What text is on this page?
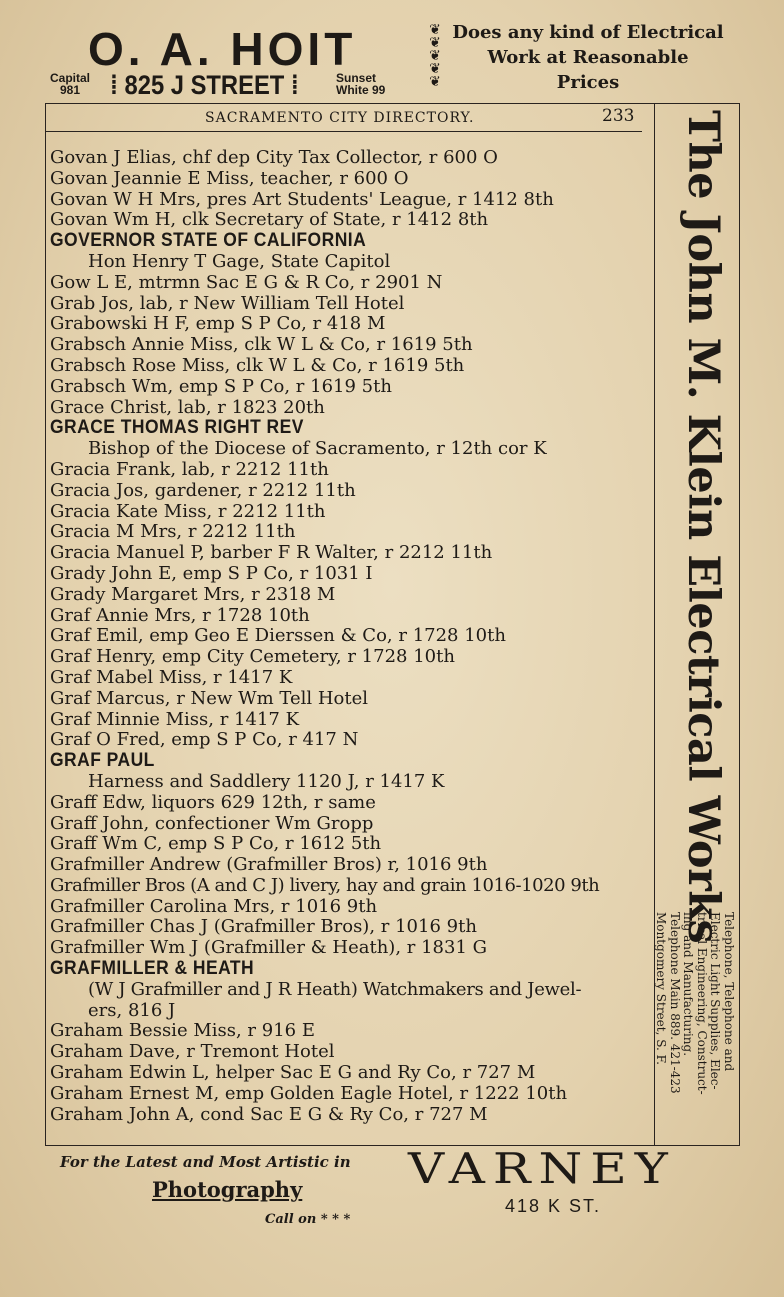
O. A. HOIT
Capital
981	⁞ 825 J STREET ⁞	Sunset
White 99
❦
❦
❦
❦
❦
Does any kind of Electrical
Work at Reasonable
Prices
SACRAMENTO CITY DIRECTORY.	233
Govan J Elias, chf dep City Tax Collector, r 600 O
Govan Jeannie E Miss, teacher, r 600 O
Govan W H Mrs, pres Art Students' League, r 1412 8th
Govan Wm H, clk Secretary of State, r 1412 8th
GOVERNOR STATE OF CALIFORNIA
Hon Henry T Gage, State Capitol
Gow L E, mtrmn Sac E G & R Co, r 2901 N
Grab Jos, lab, r New William Tell Hotel
Grabowski H F, emp S P Co, r 418 M
Grabsch Annie Miss, clk W L & Co, r 1619 5th
Grabsch Rose Miss, clk W L & Co, r 1619 5th
Grabsch Wm, emp S P Co, r 1619 5th
Grace Christ, lab, r 1823 20th
GRACE THOMAS RIGHT REV
Bishop of the Diocese of Sacramento, r 12th cor K
Gracia Frank, lab, r 2212 11th
Gracia Jos, gardener, r 2212 11th
Gracia Kate Miss, r 2212 11th
Gracia M Mrs, r 2212 11th
Gracia Manuel P, barber F R Walter, r 2212 11th
Grady John E, emp S P Co, r 1031 I
Grady Margaret Mrs, r 2318 M
Graf Annie Mrs, r 1728 10th
Graf Emil, emp Geo E Dierssen & Co, r 1728 10th
Graf Henry, emp City Cemetery, r 1728 10th
Graf Mabel Miss, r 1417 K
Graf Marcus, r New Wm Tell Hotel
Graf Minnie Miss, r 1417 K
Graf O Fred, emp S P Co, r 417 N
GRAF PAUL
Harness and Saddlery 1120 J, r 1417 K
Graff Edw, liquors 629 12th, r same
Graff John, confectioner Wm Gropp
Graff Wm C, emp S P Co, r 1612 5th
Grafmiller Andrew (Grafmiller Bros) r, 1016 9th
Grafmiller Bros (A and C J) livery, hay and grain 1016-1020 9th
Grafmiller Carolina Mrs, r 1016 9th
Grafmiller Chas J (Grafmiller Bros), r 1016 9th
Grafmiller Wm J (Grafmiller & Heath), r 1831 G
GRAFMILLER & HEATH
(W J Grafmiller and J R Heath) Watchmakers and Jewel-
ers, 816 J
Graham Bessie Miss, r 916 E
Graham Dave, r Tremont Hotel
Graham Edwin L, helper Sac E G and Ry Co, r 727 M
Graham Ernest M, emp Golden Eagle Hotel, r 1222 10th
Graham John A, cond Sac E G & Ry Co, r 727 M
The John M. Klein Electrical Works
Telephone, Telephone and
Electric Light Supplies, Elec-
trical Engineering, Construct-
ing and Manufacturing.
Telephone Main 889. 421-423
Montgomery Street, S. F.
For the Latest and Most Artistic in
Photography
Call on * * *
VARNEY
418 K ST.
